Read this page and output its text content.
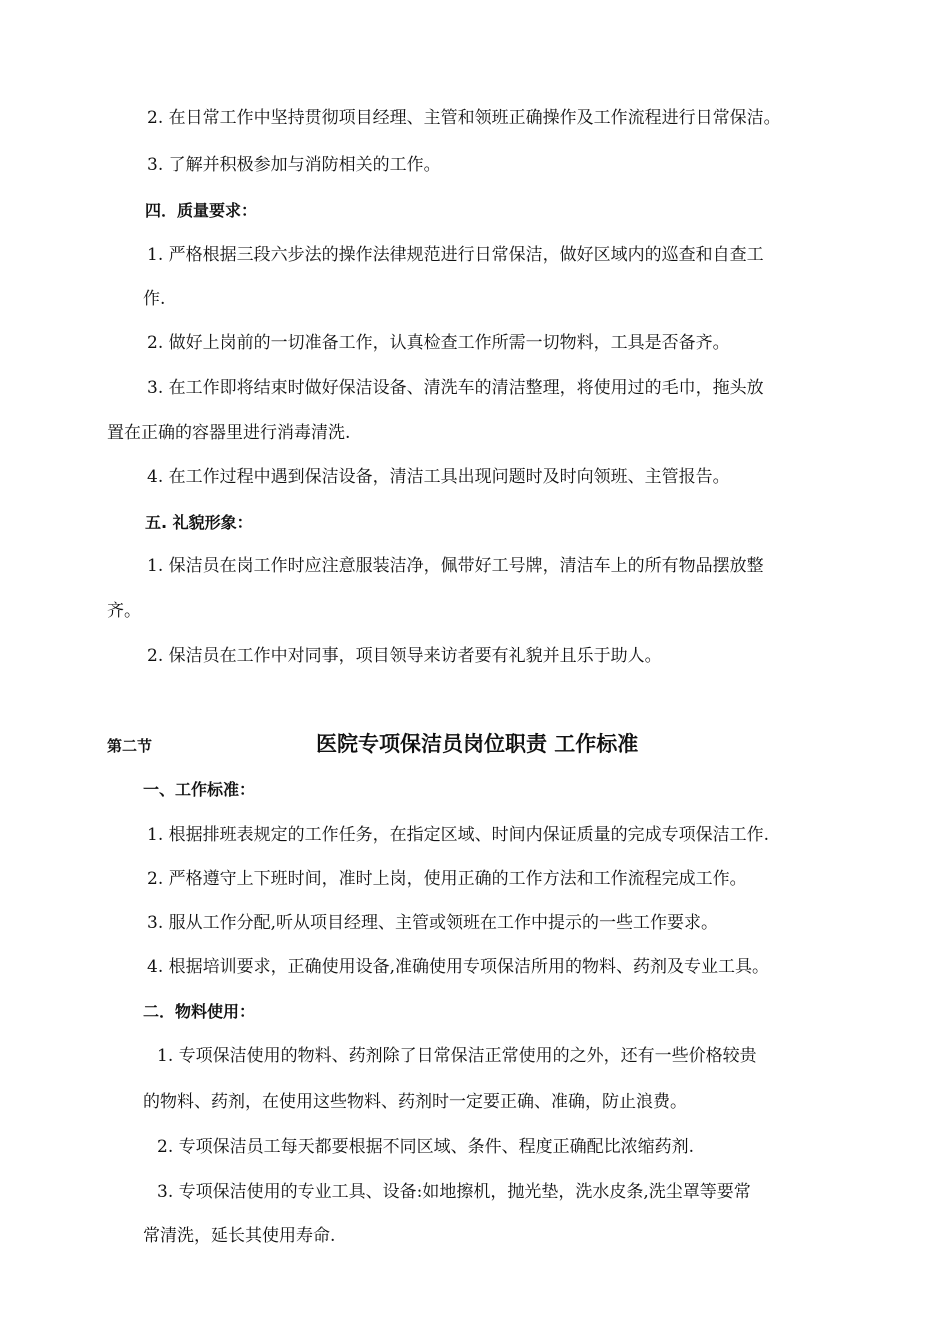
2. 在日常工作中坚持贯彻项目经理、主管和领班正确操作及工作流程进行日常保洁。
3. 了解并积极参加与消防相关的工作。
四．质量要求：
1. 严格根据三段六步法的操作法律规范进行日常保洁，做好区域内的巡查和自查工
作.
2. 做好上岗前的一切准备工作，认真检查工作所需一切物料，工具是否备齐。
3. 在工作即将结束时做好保洁设备、清洗车的清洁整理，将使用过的毛巾，拖头放
置在正确的容器里进行消毒清洗.
4. 在工作过程中遇到保洁设备，清洁工具出现问题时及时向领班、主管报告。
五. 礼貌形象：
1. 保洁员在岗工作时应注意服装洁净，佩带好工号牌，清洁车上的所有物品摆放整
齐。
2. 保洁员在工作中对同事，项目领导来访者要有礼貌并且乐于助人。
第二节	医院专项保洁员岗位职责 工作标准
一、工作标准：
1. 根据排班表规定的工作任务，在指定区域、时间内保证质量的完成专项保洁工作.
2. 严格遵守上下班时间，准时上岗，使用正确的工作方法和工作流程完成工作。
3. 服从工作分配,听从项目经理、主管或领班在工作中提示的一些工作要求。
4. 根据培训要求，正确使用设备,准确使用专项保洁所用的物料、药剂及专业工具。
二．物料使用：
1. 专项保洁使用的物料、药剂除了日常保洁正常使用的之外，还有一些价格较贵
的物料、药剂，在使用这些物料、药剂时一定要正确、准确，防止浪费。
2. 专项保洁员工每天都要根据不同区域、条件、程度正确配比浓缩药剂.
3. 专项保洁使用的专业工具、设备:如地擦机，抛光垫，洗水皮条,洗尘罩等要常
常清洗，延长其使用寿命.
